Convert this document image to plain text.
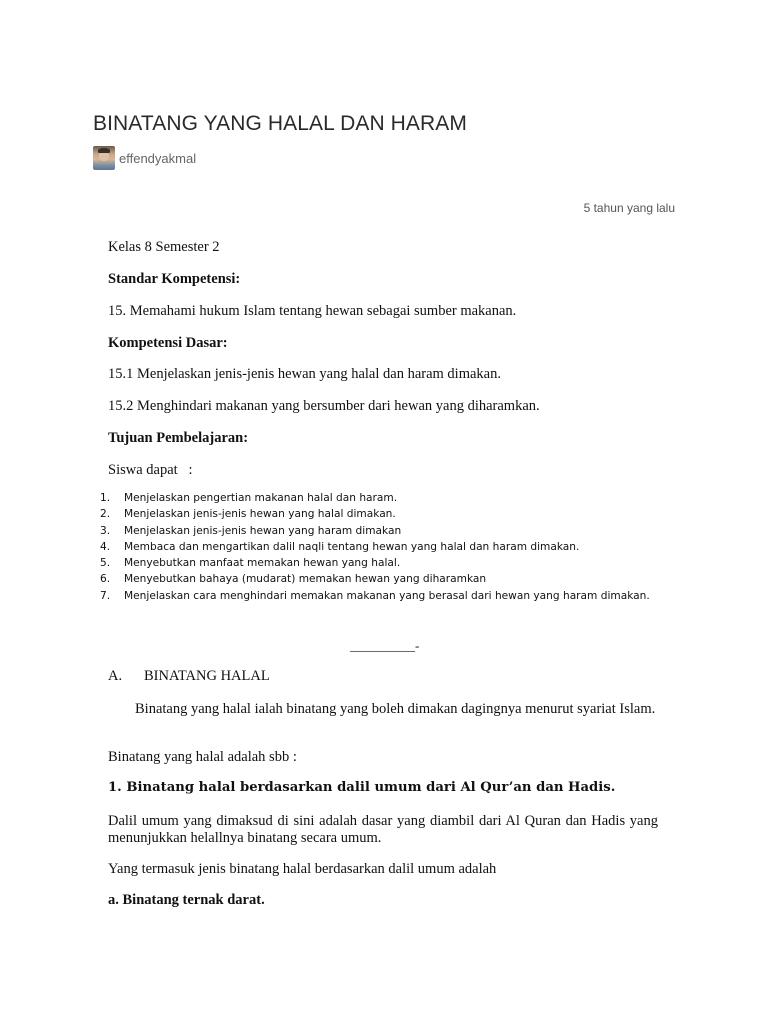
BINATANG YANG HALAL DAN HARAM
effendyakmal
5 tahun yang lalu

Kelas 8 Semester 2

Standar Kompetensi:

15. Memahami hukum Islam tentang hewan sebagai sumber makanan.

Kompetensi Dasar:

15.1 Menjelaskan jenis-jenis hewan yang halal dan haram dimakan.

15.2 Menghindari makanan yang bersumber dari hewan yang diharamkan.

Tujuan Pembelajaran:

Siswa dapat   :

1.	Menjelaskan pengertian makanan halal dan haram.
2.	Menjelaskan jenis-jenis hewan yang halal dimakan.
3.	Menjelaskan jenis-jenis hewan yang haram dimakan
4.	Membaca dan mengartikan dalil naqli tentang hewan yang halal dan haram dimakan.
5.	Menyebutkan manfaat memakan hewan yang halal.
6.	Menyebutkan bahaya (mudarat) memakan hewan yang diharamkan
7.	Menjelaskan cara menghindari memakan makanan yang berasal dari hewan yang haram dimakan.
__________-
A.	BINATANG HALAL

Binatang yang halal ialah binatang yang boleh dimakan dagingnya menurut syariat Islam.

Binatang yang halal adalah sbb :

1. Binatang halal berdasarkan dalil umum dari Al Qur’an dan Hadis.

Dalil umum yang dimaksud di sini adalah dasar yang diambil dari Al Quran dan Hadis yang menunjukkan helallnya binatang secara umum.

Yang termasuk jenis binatang halal berdasarkan dalil umum adalah

a. Binatang ternak darat.
